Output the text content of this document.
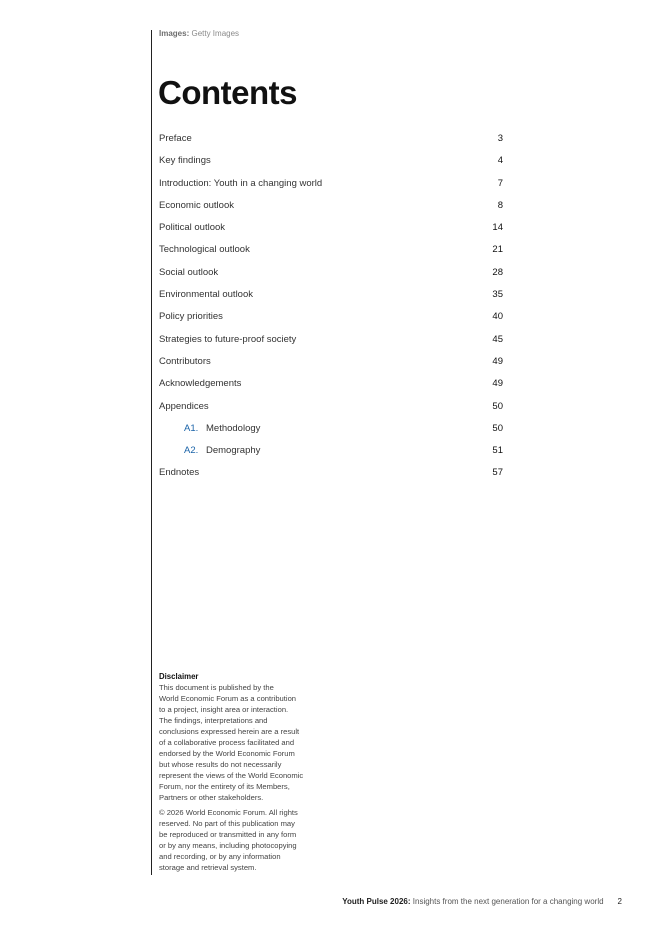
Images: Getty Images
Contents
Preface	3
Key findings	4
Introduction: Youth in a changing world	7
Economic outlook	8
Political outlook	14
Technological outlook	21
Social outlook	28
Environmental outlook	35
Policy priorities	40
Strategies to future-proof society	45
Contributors	49
Acknowledgements	49
Appendices	50
A1. Methodology	50
A2. Demography	51
Endnotes	57
Disclaimer

This document is published by the
World Economic Forum as a contribution
to a project, insight area or interaction.
The findings, interpretations and
conclusions expressed herein are a result
of a collaborative process facilitated and
endorsed by the World Economic Forum
but whose results do not necessarily
represent the views of the World Economic
Forum, nor the entirety of its Members,
Partners or other stakeholders.

© 2026 World Economic Forum. All rights
reserved. No part of this publication may
be reproduced or transmitted in any form
or by any means, including photocopying
and recording, or by any information
storage and retrieval system.

Youth Pulse 2026: Insights from the next generation for a changing world 2
